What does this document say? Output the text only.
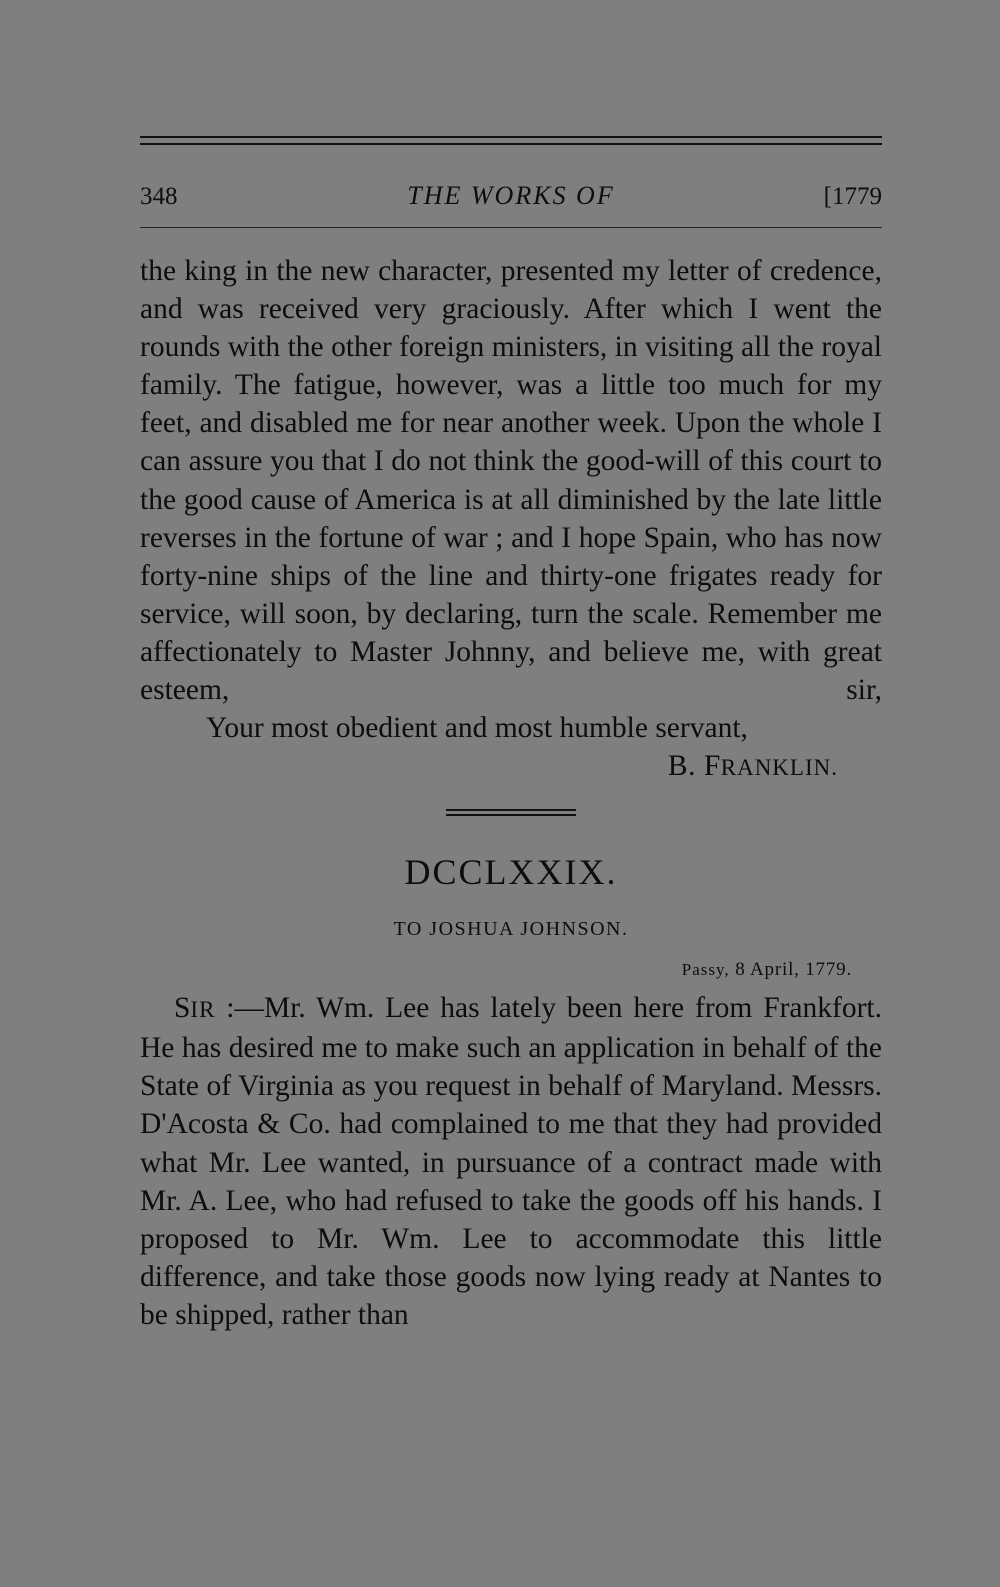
348	THE WORKS OF	[1779

the king in the new character, presented my letter of credence, and was received very graciously. After which I went the rounds with the other foreign ministers, in visiting all the royal family. The fatigue, however, was a little too much for my feet, and disabled me for near another week. Upon the whole I can assure you that I do not think the good-will of this court to the good cause of America is at all diminished by the late little reverses in the fortune of war ; and I hope Spain, who has now forty-nine ships of the line and thirty-one frigates ready for service, will soon, by declaring, turn the scale. Remember me affectionately to Master Johnny, and believe me, with great esteem, sir,

Your most obedient and most humble servant,
B. FRANKLIN.
DCCLXXIX.
TO JOSHUA JOHNSON.
Passy, 8 April, 1779.

SIR :—Mr. Wm. Lee has lately been here from Frankfort. He has desired me to make such an application in behalf of the State of Virginia as you request in behalf of Maryland. Messrs. D'Acosta & Co. had complained to me that they had provided what Mr. Lee wanted, in pursuance of a contract made with Mr. A. Lee, who had refused to take the goods off his hands. I proposed to Mr. Wm. Lee to accommodate this little difference, and take those goods now lying ready at Nantes to be shipped, rather than
